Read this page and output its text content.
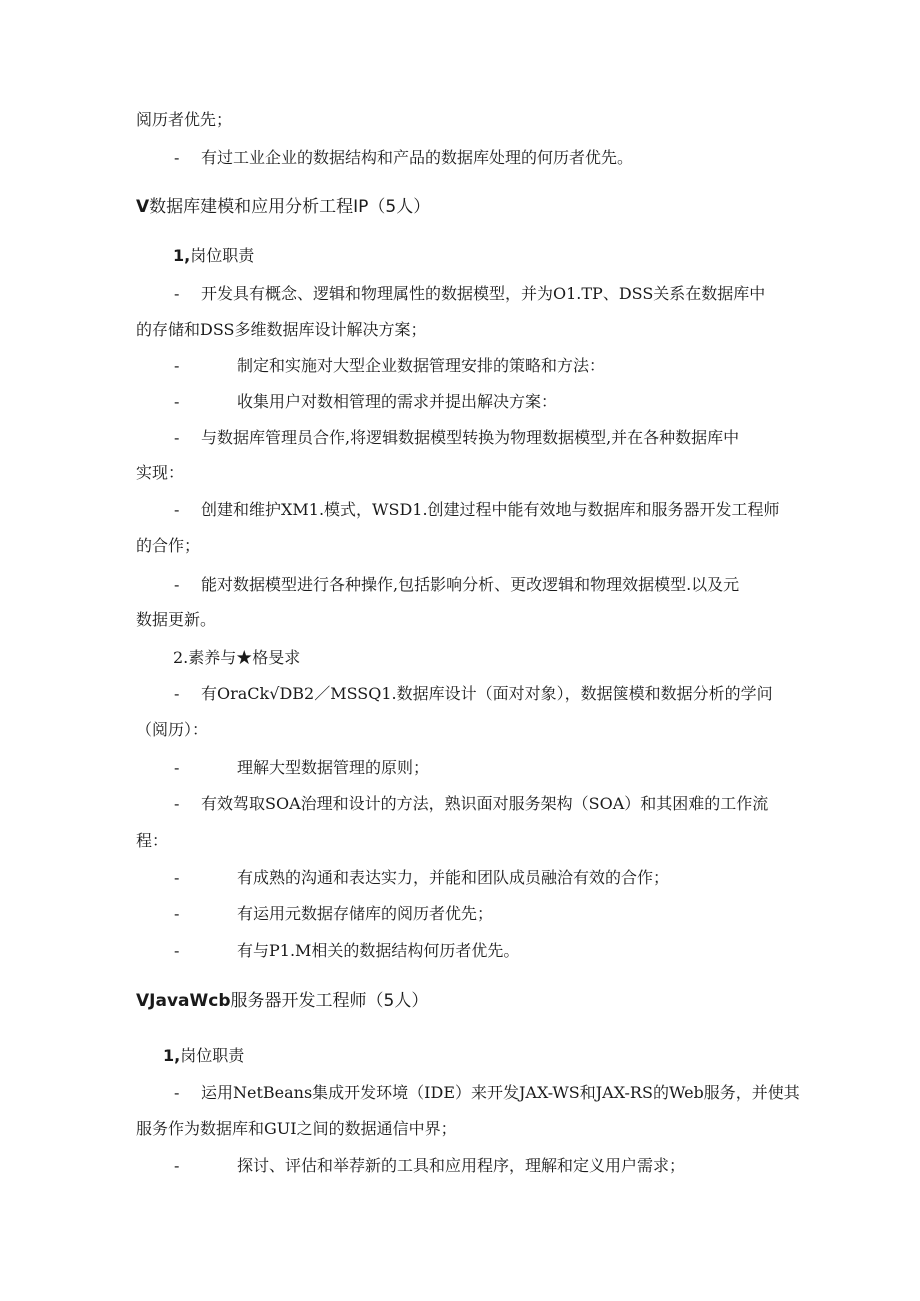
阅历者优先；
- 有过工业企业的数据结构和产品的数据库处理的何历者优先。
V数据库建模和应用分析工程IP（5人）
1,岗位职责
- 开发具有概念、逻辑和物理属性的数据模型，并为O1.TP、DSS关系在数据库中
的存储和DSS多维数据库设计解决方案；
-	制定和实施对大型企业数据管理安排的策略和方法：
-	收集用户对数相管理的需求并提出解决方案：
- 与数据库管理员合作,将逻辑数据模型转换为物理数据模型,并在各种数据库中
实现：
- 创建和维护XM1.模式，WSD1.创建过程中能有效地与数据库和服务器开发工程师
的合作；
- 能对数据模型进行各种操作,包括影响分析、更改逻辑和物理效据模型.以及元
数据更新。
2.素养与★格旻求
- 有OraCk√DB2／MSSQ1.数据库设计（面对对象），数据箧模和数据分析的学问
（阅历）：
-	理解大型数据管理的原则；
- 有效驾取SOA治理和设计的方法，熟识面对服务架构（SOA）和其困难的工作流
程：
-	有成熟的沟通和表达实力，并能和团队成员融洽有效的合作；
-	有运用元数据存储库的阅历者优先；
-	有与P1.M相关的数据结构何历者优先。
VJavaWcb服务器开发工程师（5人）
1,岗位职责
- 运用NetBeans集成开发环境（IDE）来开发JAX-WS和JAX-RS的Web服务，并使其
服务作为数据库和GUI之间的数据通信中界；
-	探讨、评估和举荐新的工具和应用程序，理解和定义用户需求；
